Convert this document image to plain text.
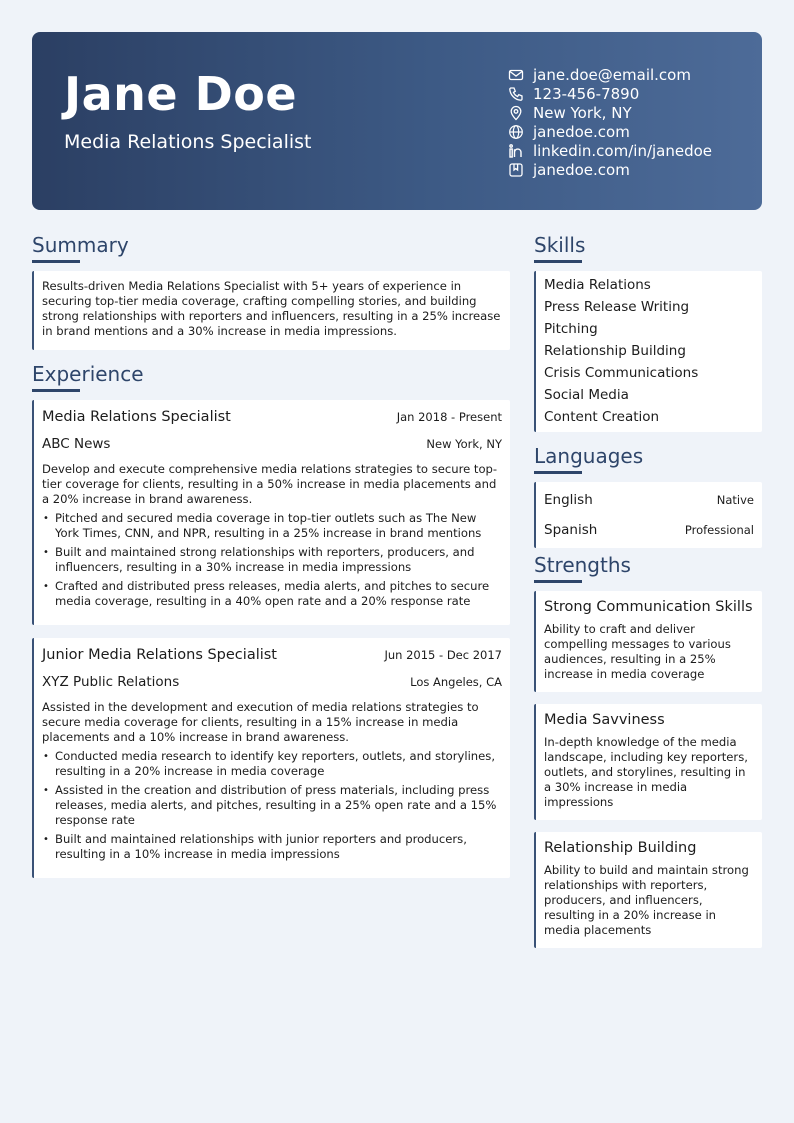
Jane Doe
Media Relations Specialist
jane.doe@email.com
123-456-7890
New York, NY
janedoe.com
linkedin.com/in/janedoe
janedoe.com
Summary
Results-driven Media Relations Specialist with 5+ years of experience in securing top-tier media coverage, crafting compelling stories, and building strong relationships with reporters and influencers, resulting in a 25% increase in brand mentions and a 30% increase in media impressions.
Experience
Media Relations Specialist	Jan 2018 - Present
ABC News	New York, NY
Develop and execute comprehensive media relations strategies to secure top-tier coverage for clients, resulting in a 50% increase in media placements and a 20% increase in brand awareness.
• Pitched and secured media coverage in top-tier outlets such as The New York Times, CNN, and NPR, resulting in a 25% increase in brand mentions
• Built and maintained strong relationships with reporters, producers, and influencers, resulting in a 30% increase in media impressions
• Crafted and distributed press releases, media alerts, and pitches to secure media coverage, resulting in a 40% open rate and a 20% response rate
Junior Media Relations Specialist	Jun 2015 - Dec 2017
XYZ Public Relations	Los Angeles, CA
Assisted in the development and execution of media relations strategies to secure media coverage for clients, resulting in a 15% increase in media placements and a 10% increase in brand awareness.
• Conducted media research to identify key reporters, outlets, and storylines, resulting in a 20% increase in media coverage
• Assisted in the creation and distribution of press materials, including press releases, media alerts, and pitches, resulting in a 25% open rate and a 15% response rate
• Built and maintained relationships with junior reporters and producers, resulting in a 10% increase in media impressions
Skills
Media Relations
Press Release Writing
Pitching
Relationship Building
Crisis Communications
Social Media
Content Creation
Languages
English	Native
Spanish	Professional
Strengths
Strong Communication Skills
Ability to craft and deliver compelling messages to various audiences, resulting in a 25% increase in media coverage
Media Savviness
In-depth knowledge of the media landscape, including key reporters, outlets, and storylines, resulting in a 30% increase in media impressions
Relationship Building
Ability to build and maintain strong relationships with reporters, producers, and influencers, resulting in a 20% increase in media placements
